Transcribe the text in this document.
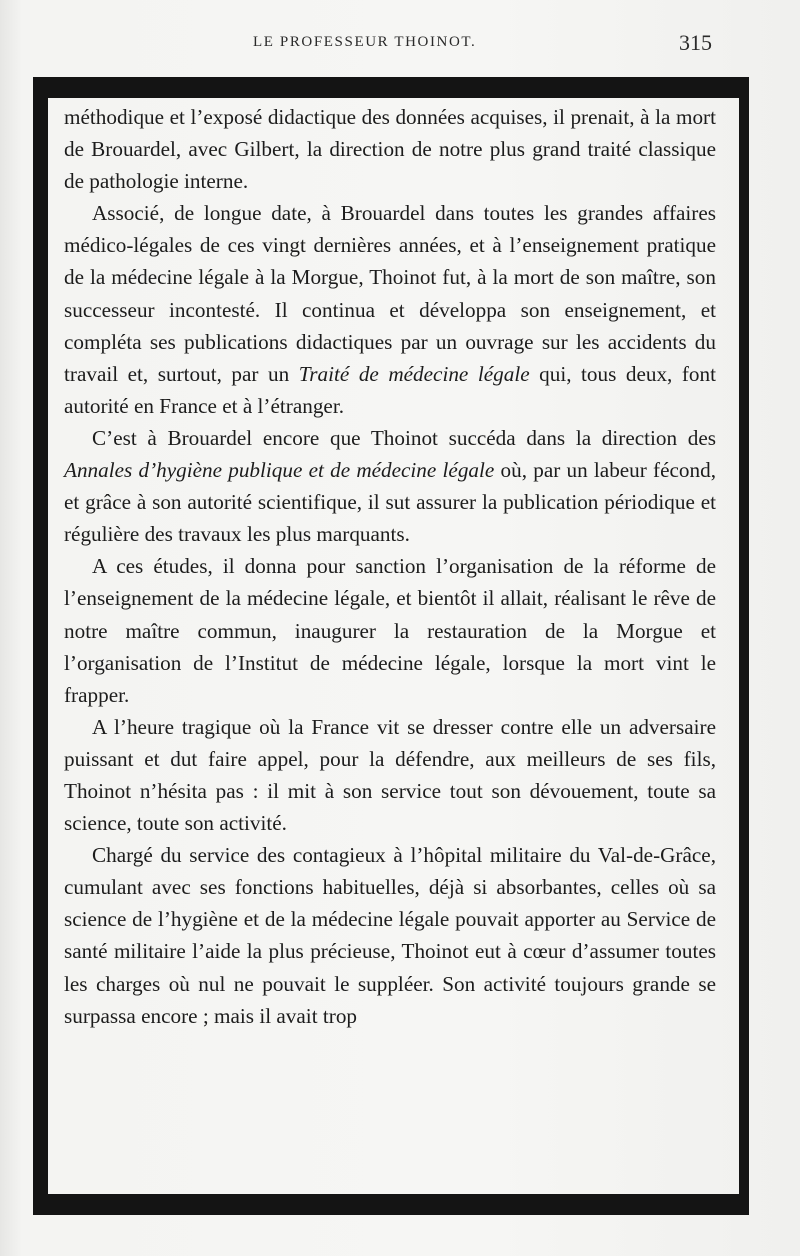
LE PROFESSEUR THOINOT.	315

méthodique et l’exposé didactique des données acquises, il prenait, à la mort de Brouardel, avec Gilbert, la direction de notre plus grand traité classique de pathologie interne.

Associé, de longue date, à Brouardel dans toutes les grandes affaires médico-légales de ces vingt dernières années, et à l’enseignement pratique de la médecine légale à la Morgue, Thoinot fut, à la mort de son maître, son successeur incontesté. Il continua et développa son enseignement, et compléta ses publications didactiques par un ouvrage sur les accidents du travail et, surtout, par un Traité de médecine légale qui, tous deux, font autorité en France et à l’étranger.

C’est à Brouardel encore que Thoinot succéda dans la direction des Annales d’hygiène publique et de médecine légale où, par un labeur fécond, et grâce à son autorité scientifique, il sut assurer la publication périodique et régulière des travaux les plus marquants.

A ces études, il donna pour sanction l’organisation de la réforme de l’enseignement de la médecine légale, et bientôt il allait, réalisant le rêve de notre maître commun, inaugurer la restauration de la Morgue et l’organisation de l’Institut de médecine légale, lorsque la mort vint le frapper.

A l’heure tragique où la France vit se dresser contre elle un adversaire puissant et dut faire appel, pour la défendre, aux meilleurs de ses fils, Thoinot n’hésita pas : il mit à son service tout son dévouement, toute sa science, toute son activité.

Chargé du service des contagieux à l’hôpital militaire du Val-de-Grâce, cumulant avec ses fonctions habituelles, déjà si absorbantes, celles où sa science de l’hygiène et de la médecine légale pouvait apporter au Service de santé militaire l’aide la plus précieuse, Thoinot eut à cœur d’assumer toutes les charges où nul ne pouvait le suppléer. Son activité toujours grande se surpassa encore ; mais il avait trop
